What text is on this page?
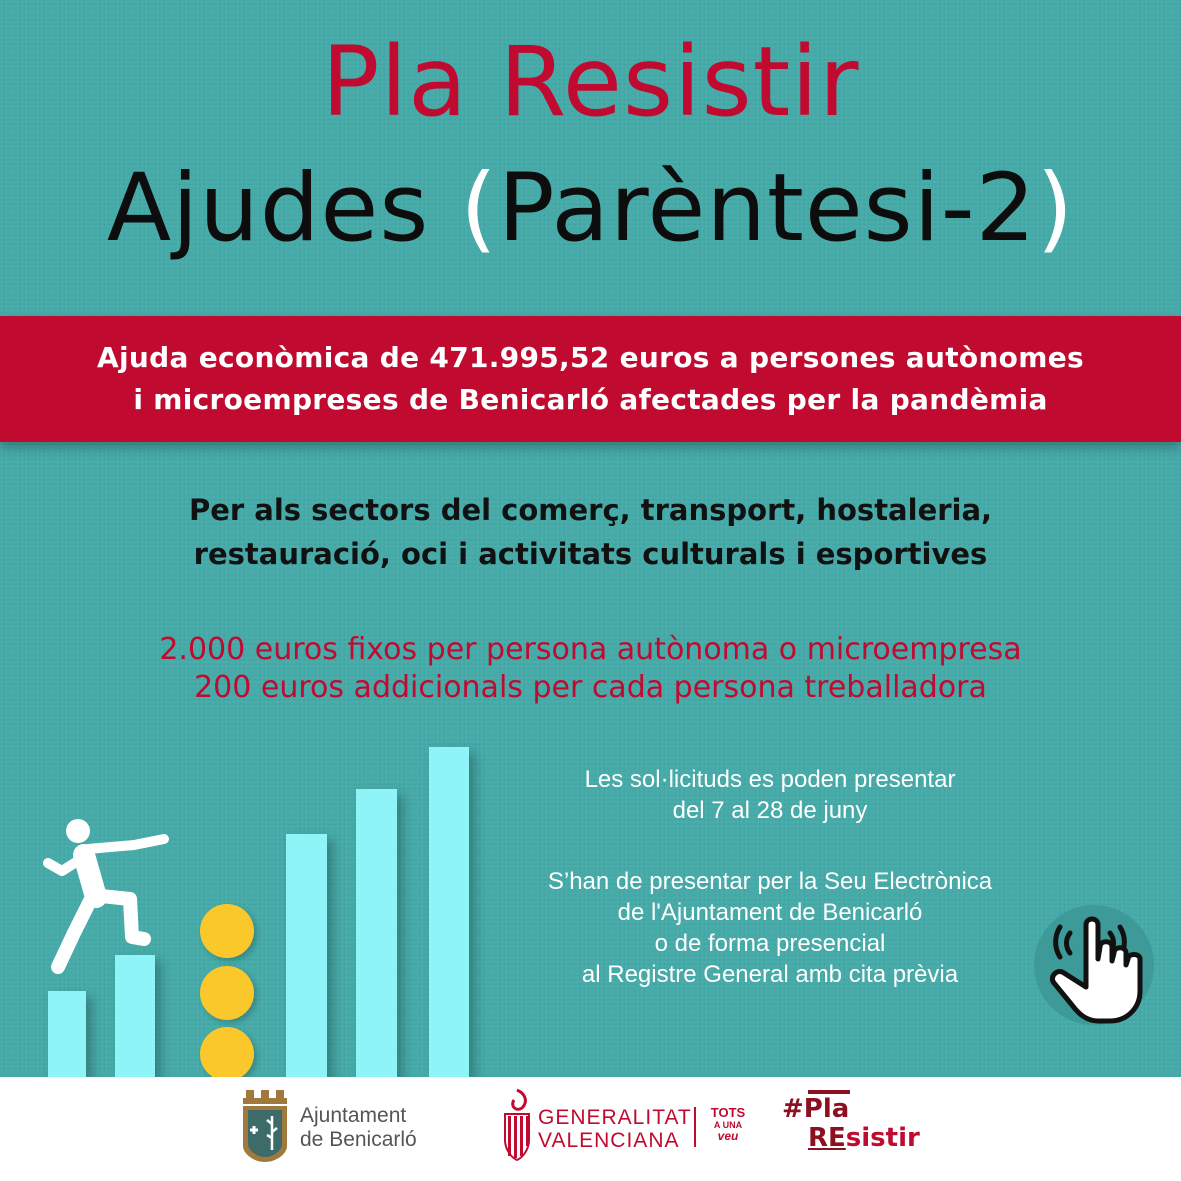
Pla Resistir
Ajudes (Parèntesi-2)
Ajuda econòmica de 471.995,52 euros a persones autònomes
i microempreses de Benicarló afectades per la pandèmia
Per als sectors del comerç, transport, hostaleria,
restauració, oci i activitats culturals i esportives
2.000 euros fixos per persona autònoma o microempresa
200 euros addicionals per cada persona treballadora
Les sol·licituds es poden presentar
del 7 al 28 de juny
S’han de presentar per la Seu Electrònica
de l'Ajuntament de Benicarló
o de forma presencial
al Registre General amb cita prèvia
Ajuntament
de Benicarló
GENERALITAT
VALENCIANA
TOTS
A UNA
veu
#Pla
REsistir
